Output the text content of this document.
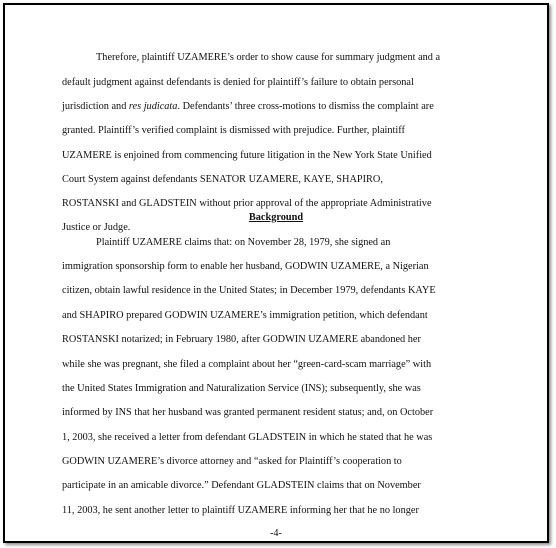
Therefore, plaintiff UZAMERE’s order to show cause for summary judgment and a
default judgment against defendants is denied for plaintiff’s failure to obtain personal
jurisdiction and res judicata. Defendants’ three cross-motions to dismiss the complaint are
granted. Plaintiff’s verified complaint is dismissed with prejudice. Further, plaintiff
UZAMERE is enjoined from commencing future litigation in the New York State Unified
Court System against defendants SENATOR UZAMERE, KAYE, SHAPIRO,
ROSTANSKI and GLADSTEIN without prior approval of the appropriate Administrative
Justice or Judge.
Background
Plaintiff UZAMERE claims that: on November 28, 1979, she signed an
immigration sponsorship form to enable her husband, GODWIN UZAMERE, a Nigerian
citizen, obtain lawful residence in the United States; in December 1979, defendants KAYE
and SHAPIRO prepared GODWIN UZAMERE’s immigration petition, which defendant
ROSTANSKI notarized; in February 1980, after GODWIN UZAMERE abandoned her
while she was pregnant, she filed a complaint about her “green-card-scam marriage” with
the United States Immigration and Naturalization Service (INS); subsequently, she was
informed by INS that her husband was granted permanent resident status; and, on October
1, 2003, she received a letter from defendant GLADSTEIN in which he stated that he was
GODWIN UZAMERE’s divorce attorney and “asked for Plaintiff’s cooperation to
participate in an amicable divorce.” Defendant GLADSTEIN claims that on November
11, 2003, he sent another letter to plaintiff UZAMERE informing her that he no longer
-4-
